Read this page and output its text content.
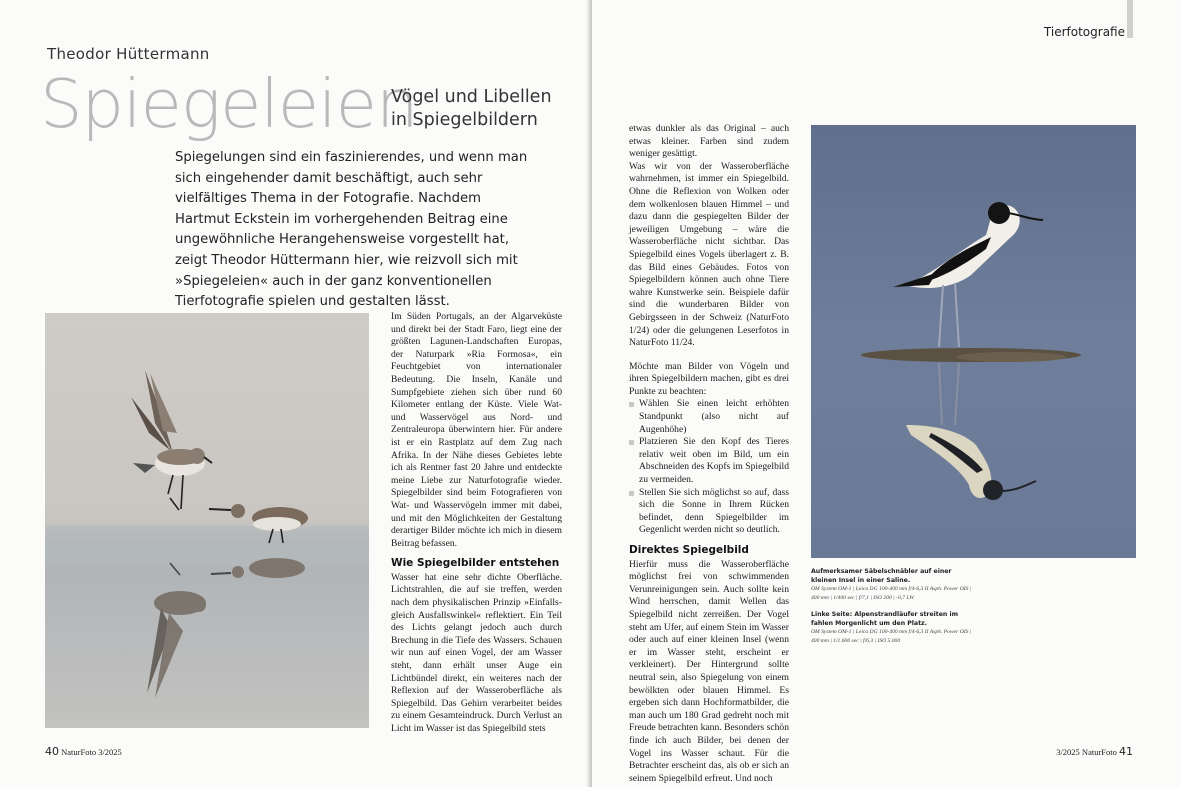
Theodor Hüttermann
Spiegeleien
Vögel und Libellen
in Spiegelbildern
Spiegelungen sind ein faszinierendes, und wenn man sich eingehender damit beschäftigt, auch sehr vielfältiges Thema in der Fotografie. Nachdem Hartmut Eckstein im vorhergehenden Beitrag eine ungewöhnliche Herangehensweise vorgestellt hat, zeigt Theodor Hüttermann hier, wie reizvoll sich mit »Spiegeleien« auch in der ganz konventionellen Tierfotografie spielen und gestalten lässt.

Im Süden Portugals, an der Algarveküste und direkt bei der Stadt Faro, liegt eine der größten Lagunen-Landschaften Europas, der Naturpark »Ria Formosa«, ein Feuchtgebiet von internationaler Bedeutung. Die Inseln, Kanäle und Sumpfgebiete ziehen sich über rund 60 Kilometer entlang der Küste. Viele Wat- und Wasservögel aus Nord- und Zentraleuropa überwintern hier. Für andere ist er ein Rastplatz auf dem Zug nach Afrika. In der Nähe dieses Gebietes lebte ich als Rentner fast 20 Jahre und entdeckte meine Liebe zur Naturfotografie wieder. Spiegelbilder sind beim Fotografieren von Wat- und Wasservögeln immer mit dabei, und mit den Möglichkeiten der Gestaltung derartiger Bilder möchte ich mich in diesem Beitrag befassen.

Wie Spiegelbilder entstehen

Wasser hat eine sehr dichte Oberfläche. Lichtstrahlen, die auf sie treffen, werden nach dem physikalischen Prinzip »Einfalls- gleich Ausfallswinkel« reflektiert. Ein Teil des Lichts gelangt jedoch auch durch Brechung in die Tiefe des Wassers. Schauen wir nun auf einen Vogel, der am Wasser steht, dann erhält unser Auge ein Lichtbündel direkt, ein weiteres nach der Reflexion auf der Wasseroberfläche als Spiegelbild. Das Gehirn verarbeitet beides zu einem Gesamteindruck. Durch Verlust an Licht im Wasser ist das Spiegelbild stets

40 NaturFoto 3/2025
Tierfotografie

etwas dunkler als das Original – auch etwas kleiner. Farben sind zudem weniger gesättigt.

Was wir von der Wasseroberfläche wahrnehmen, ist immer ein Spiegelbild. Ohne die Reflexion von Wolken oder dem wolkenlosen blauen Himmel – und dazu dann die gespiegelten Bilder der jeweiligen Umgebung – wäre die Wasseroberfläche nicht sichtbar. Das Spiegelbild eines Vogels überlagert z. B. das Bild eines Gebäudes. Fotos von Spiegelbildern können auch ohne Tiere wahre Kunstwerke sein. Beispiele dafür sind die wunderbaren Bilder von Gebirgsseen in der Schweiz (NaturFoto 1/24) oder die gelungenen Leserfotos in NaturFoto 11/24.

Möchte man Bilder von Vögeln und ihren Spiegelbildern machen, gibt es drei Punkte zu beachten:

Wählen Sie einen leicht erhöhten Standpunkt (also nicht auf Augenhöhe)
Platzieren Sie den Kopf des Tieres relativ weit oben im Bild, um ein Abschneiden des Kopfs im Spiegelbild zu vermeiden.
Stellen Sie sich möglichst so auf, dass sich die Sonne in Ihrem Rücken befindet, denn Spiegelbilder im Gegenlicht werden nicht so deutlich.
Direktes Spiegelbild

Hierfür muss die Wasseroberfläche möglichst frei von schwimmenden Verunreinigungen sein. Auch sollte kein Wind herrschen, damit Wellen das Spiegelbild nicht zerreißen. Der Vogel steht am Ufer, auf einem Stein im Wasser oder auch auf einer kleinen Insel (wenn er im Wasser steht, erscheint er verkleinert). Der Hintergrund sollte neutral sein, also Spiegelung von einem bewölkten oder blauen Himmel. Es ergeben sich dann Hochformatbilder, die man auch um 180 Grad gedreht noch mit Freude betrachten kann. Besonders schön finde ich auch Bilder, bei denen der Vogel ins Wasser schaut. Für die Betrachter erscheint das, als ob er sich an seinem Spiegelbild erfreut. Und noch

Aufmerksamer Säbelschnäbler auf einer kleinen Insel in einer Saline.
OM System OM-1 | Leica DG 100-400 mm f/4-6,3 II Asph. Power OIS | 400 mm | 1/400 sec | f/7,1 | ISO 200 | -0,7 LW
Linke Seite: Alpenstrandläufer streiten im fahlen Morgenlicht um den Platz.
OM System OM-1 | Leica DG 100-400 mm f/4-6,3 II Asph. Power OIS | 400 mm | 1/1.600 sec | f/6,3 | ISO 5.000
3/2025 NaturFoto 41
